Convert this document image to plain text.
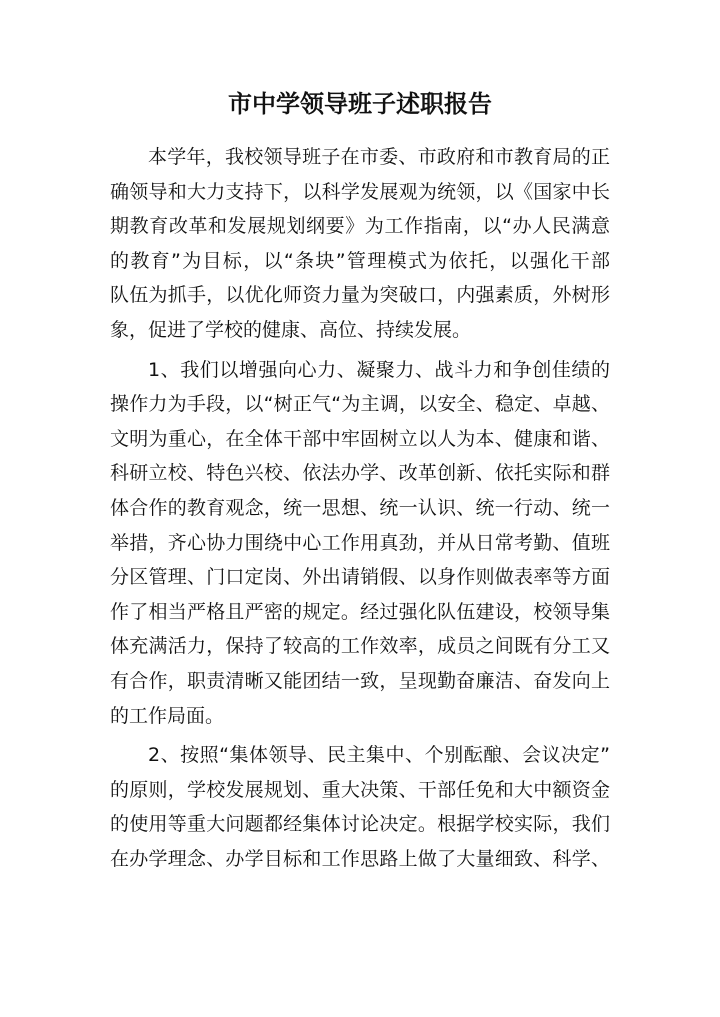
市中学领导班子述职报告
本学年，我校领导班子在市委、市政府和市教育局的正
确领导和大力支持下，以科学发展观为统领，以《国家中长
期教育改革和发展规划纲要》为工作指南，以“办人民满意
的教育”为目标，以“条块”管理模式为依托，以强化干部
队伍为抓手，以优化师资力量为突破口，内强素质，外树形
象，促进了学校的健康、高位、持续发展。
1、我们以增强向心力、凝聚力、战斗力和争创佳绩的
操作力为手段，以“树正气“为主调，以安全、稳定、卓越、
文明为重心，在全体干部中牢固树立以人为本、健康和谐、
科研立校、特色兴校、依法办学、改革创新、依托实际和群
体合作的教育观念，统一思想、统一认识、统一行动、统一
举措，齐心协力围绕中心工作用真劲，并从日常考勤、值班
分区管理、门口定岗、外出请销假、以身作则做表率等方面
作了相当严格且严密的规定。经过强化队伍建设，校领导集
体充满活力，保持了较高的工作效率，成员之间既有分工又
有合作，职责清晰又能团结一致，呈现勤奋廉洁、奋发向上
的工作局面。
2、按照“集体领导、民主集中、个别酝酿、会议决定”
的原则，学校发展规划、重大决策、干部任免和大中额资金
的使用等重大问题都经集体讨论决定。根据学校实际，我们
在办学理念、办学目标和工作思路上做了大量细致、科学、
